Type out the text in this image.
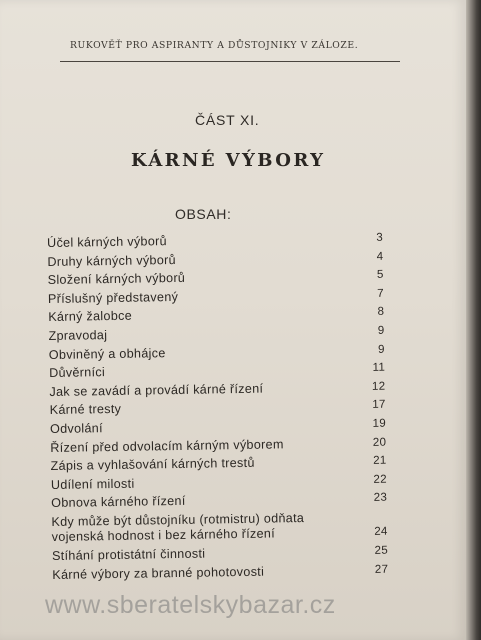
RUKOVĚŤ PRO ASPIRANTY A DŮSTOJNIKY V ZÁLOZE.
ČÁST XI.
KÁRNÉ VÝBORY
OBSAH:
Účel kárných výborů	3
Druhy kárných výborů	4
Složení kárných výborů	5
Příslušný představený	7
Kárný žalobce	8
Zpravodaj	9
Obviněný a obhájce	9
Důvěrníci	11
Jak se zavádí a provádí kárné řízení	12
Kárné tresty	17
Odvolání	19
Řízení před odvolacím kárným výborem	20
Zápis a vyhlašování kárných trestů	21
Udílení milosti	22
Obnova kárného řízení	23
Kdy může být důstojníku (rotmistru) odňata vojenská hodnost i bez kárného řízení	24
Stíhání protistátní činnosti	25
Kárné výbory za branné pohotovosti	27
www.sberatelskybazar.cz
